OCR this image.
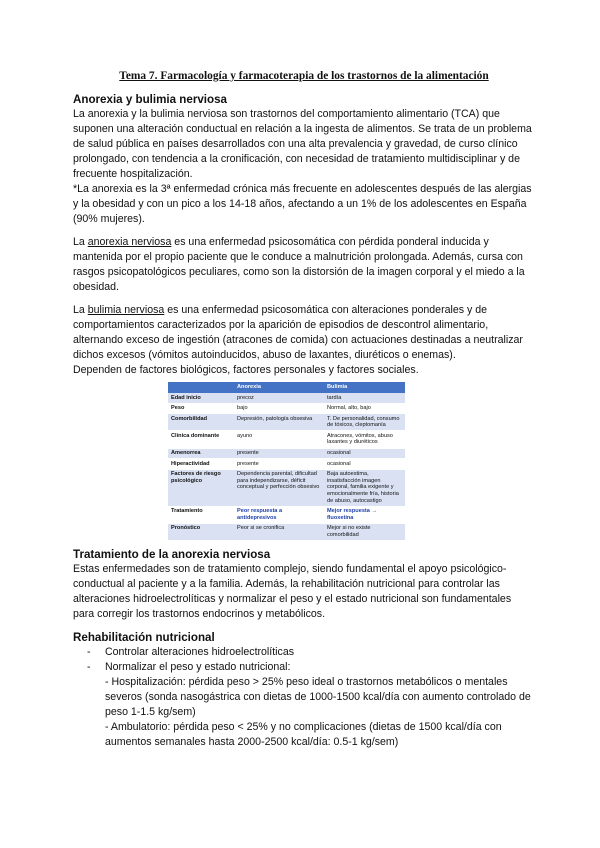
Tema 7. Farmacología y farmacoterapia de los trastornos de la alimentación
Anorexia y bulimia nerviosa

La anorexia y la bulimia nerviosa son trastornos del comportamiento alimentario (TCA) que suponen una alteración conductual en relación a la ingesta de alimentos. Se trata de un problema de salud pública en países desarrollados con una alta prevalencia y gravedad, de curso clínico prolongado, con tendencia a la cronificación, con necesidad de tratamiento multidisciplinar y de frecuente hospitalización.

*La anorexia es la 3ª enfermedad crónica más frecuente en adolescentes después de las alergias y la obesidad y con un pico a los 14-18 años, afectando a un 1% de los adolescentes en España (90% mujeres).

La anorexia nerviosa es una enfermedad psicosomática con pérdida ponderal inducida y mantenida por el propio paciente que le conduce a malnutrición prolongada. Además, cursa con rasgos psicopatológicos peculiares, como son la distorsión de la imagen corporal y el miedo a la obesidad.

La bulimia nerviosa es una enfermedad psicosomática con alteraciones ponderales y de comportamientos caracterizados por la aparición de episodios de descontrol alimentario, alternando exceso de ingestión (atracones de comida) con actuaciones destinadas a neutralizar dichos excesos (vómitos autoinducidos, abuso de laxantes, diuréticos o enemas).

Dependen de factores biológicos, factores personales y factores sociales.

	Anorexia	Bulimia
Edad inicio	precoz	tardía
Peso	bajo	Normal, alto, bajo
Comorbilidad	Depresión, patología obsesiva	T. De personalidad, consumo de tóxicos, cleptomanía
Clínica dominante	ayuno	Atracones, vómitos, abuso laxantes y diuréticos
Amenorrea	presente	ocasional
Hiperactividad	presente	ocasional
Factores de riesgo psicológico	Dependencia parental, dificultad para independizarse, déficit conceptual y perfección obsesivo	Baja autoestima, insatisfacción imagen corporal, familia exigente y emocionalmente fría, historia de abuso, autocastigo
Tratamiento	Peor respuesta a antidepresivos	Mejor respuesta → fluoxetina
Pronóstico	Peor si se cronifica	Mejor si no existe comorbilidad
Tratamiento de la anorexia nerviosa

Estas enfermedades son de tratamiento complejo, siendo fundamental el apoyo psicológico-conductual al paciente y a la familia. Además, la rehabilitación nutricional para controlar las alteraciones hidroelectrolíticas y normalizar el peso y el estado nutricional son fundamentales para corregir los trastornos endocrinos y metabólicos.

Rehabilitación nutricional
- Controlar alteraciones hidroelectrolíticas
- Normalizar el peso y estado nutricional:
- Hospitalización: pérdida peso > 25% peso ideal o trastornos metabólicos o mentales severos (sonda nasogástrica con dietas de 1000-1500 kcal/día con aumento controlado de peso 1-1.5 kg/sem)
- Ambulatorio: pérdida peso < 25% y no complicaciones (dietas de 1500 kcal/día con aumentos semanales hasta 2000-2500 kcal/día: 0.5-1 kg/sem)
